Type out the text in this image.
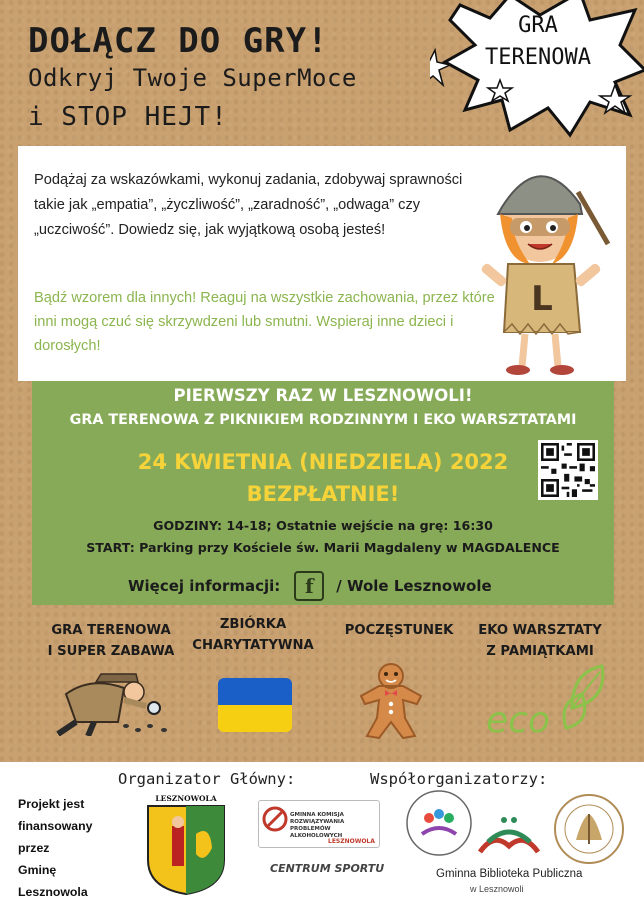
DOŁĄCZ DO GRY!
Odkryj Twoje SuperMoce
i STOP HEJT!
GRA
TERENOWA
Podążaj za wskazówkami, wykonuj zadania, zdobywaj sprawności takie jak „empatia”, „życzliwość”, „zaradność”, „odwaga” czy „uczciwość”. Dowiedz się, jak wyjątkową osobą jesteś!
Bądź wzorem dla innych! Reaguj na wszystkie zachowania, przez które inni mogą czuć się skrzywdzeni lub smutni. Wspieraj inne dzieci i dorosłych!
L
PIERWSZY RAZ W LESZNOWOLI!
GRA TERENOWA Z PIKNIKIEM RODZINNYM I EKO WARSZTATAMI
24 KWIETNIA (NIEDZIELA) 2022
BEZPŁATNIE!
GODZINY: 14-18; Ostatnie wejście na grę: 16:30
START: Parking przy Kościele św. Marii Magdaleny w MAGDALENCE
Więcej informacji:	f	/ Wole Lesznowole
GRA TERENOWA
I SUPER ZABAWA
ZBIÓRKA
CHARYTATYWNA
POCZĘSTUNEK	EKO WARSZTATY
Z PAMIĄTKAMI
eco
Organizator Główny:	Współorganizatorzy:
Projekt jest
finansowany
przez
Gminę
Lesznowola
LESZNOWOLA
GMINNA KOMISJA ROZWIĄZYWANIA PROBLEMÓW ALKOHOLOWYCH
LESZNOWOLA
CENTRUM SPORTU	Gminna Biblioteka Publiczna
w Lesznowoli
